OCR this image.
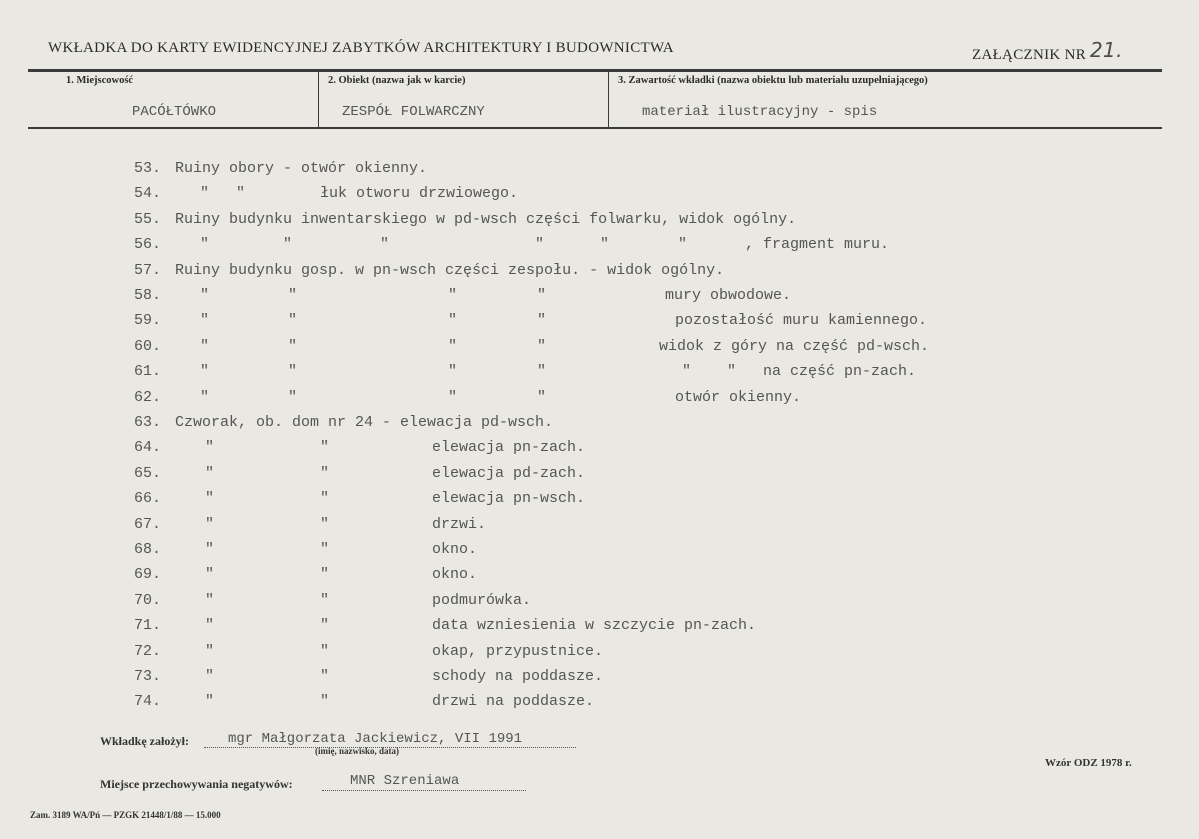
WKŁADKA DO KARTY EWIDENCYJNEJ ZABYTKÓW ARCHITEKTURY I BUDOWNICTWA	ZAŁĄCZNIK NR 21.
1. Miejscowość
PACÓŁTÓWKO
2. Obiekt (nazwa jak w karcie)
ZESPÓŁ FOLWARCZNY
3. Zawartość wkładki (nazwa obiektu lub materiału uzupełniającego)
materiał ilustracyjny - spis
53. Ruiny obory - otwór okienny.
54.	"   "	łuk otworu drzwiowego.
55. Ruiny budynku inwentarskiego w pd-wsch części folwarku, widok ogólny.
56.	"	"	"	"	"	"	, fragment muru.
57. Ruiny budynku gosp. w pn-wsch części zespołu. - widok ogólny.
58.	"	"	"	"	mury obwodowe.
59.	"	"	"	"	pozostałość muru kamiennego.
60.	"	"	"	"	widok z góry na część pd-wsch.
61.	"	"	"	"	"    "   na część pn-zach.
62.	"	"	"	"	otwór okienny.
63. Czworak, ob. dom nr 24 - elewacja pd-wsch.
64.	"	"	elewacja pn-zach.
65.	"	"	elewacja pd-zach.
66.	"	"	elewacja pn-wsch.
67.	"	"	drzwi.
68.	"	"	okno.
69.	"	"	okno.
70.	"	"	podmurówka.
71.	"	"	data wzniesienia w szczycie pn-zach.
72.	"	"	okap, przypustnice.
73.	"	"	schody na poddasze.
74.	"	"	drzwi na poddasze.
Wkładkę założył:	mgr Małgorzata Jackiewicz, VII 1991
(imię, nazwisko, data)
Wzór ODZ 1978 r.
Miejsce przechowywania negatywów:	MNR Szreniawa
Zam. 3189 WA/Pń — PZGK 21448/1/88 — 15.000
